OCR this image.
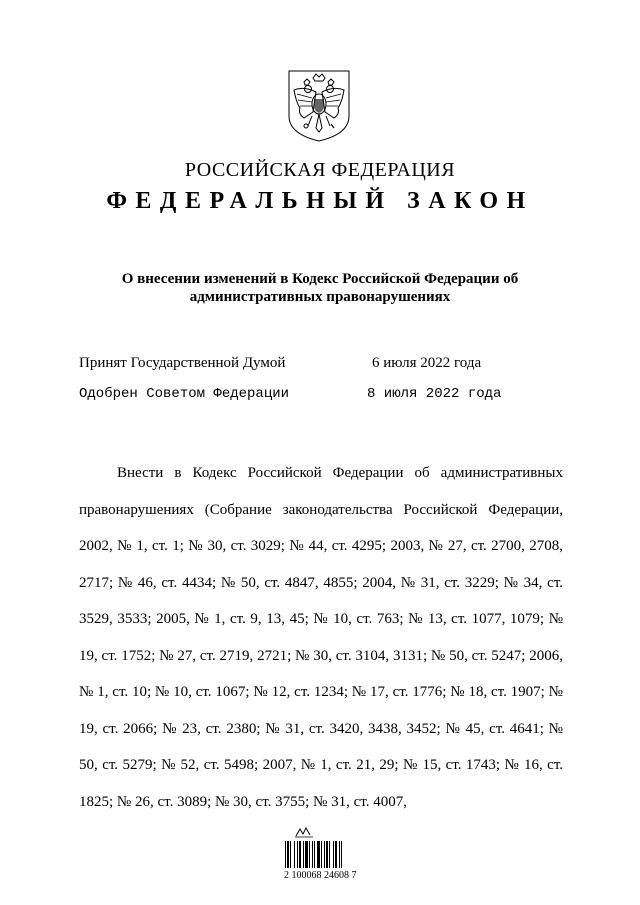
РОССИЙСКАЯ ФЕДЕРАЦИЯ
ФЕДЕРАЛЬНЫЙ ЗАКОН
О внесении изменений в Кодекс Российской Федерации об
административных правонарушениях
Принят Государственной Думой	6 июля 2022 года
Одобрен Советом Федерации	8 июля 2022 года

Внести в Кодекс Российской Федерации об административных правонарушениях (Собрание законодательства Российской Федерации, 2002, № 1, ст. 1; № 30, ст. 3029; № 44, ст. 4295; 2003, № 27, ст. 2700, 2708, 2717; № 46, ст. 4434; № 50, ст. 4847, 4855; 2004, № 31, ст. 3229; № 34, ст. 3529, 3533; 2005, № 1, ст. 9, 13, 45; № 10, ст. 763; № 13, ст. 1077, 1079; № 19, ст. 1752; № 27, ст. 2719, 2721; № 30, ст. 3104, 3131; № 50, ст. 5247; 2006, № 1, ст. 10; № 10, ст. 1067; № 12, ст. 1234; № 17, ст. 1776; № 18, ст. 1907; № 19, ст. 2066; № 23, ст. 2380; № 31, ст. 3420, 3438, 3452; № 45, ст. 4641; № 50, ст. 5279; № 52, ст. 5498; 2007, № 1, ст. 21, 29; № 15, ст. 1743; № 16, ст. 1825; № 26, ст. 3089; № 30, ст. 3755; № 31, ст. 4007,

2 100068 24608 7
